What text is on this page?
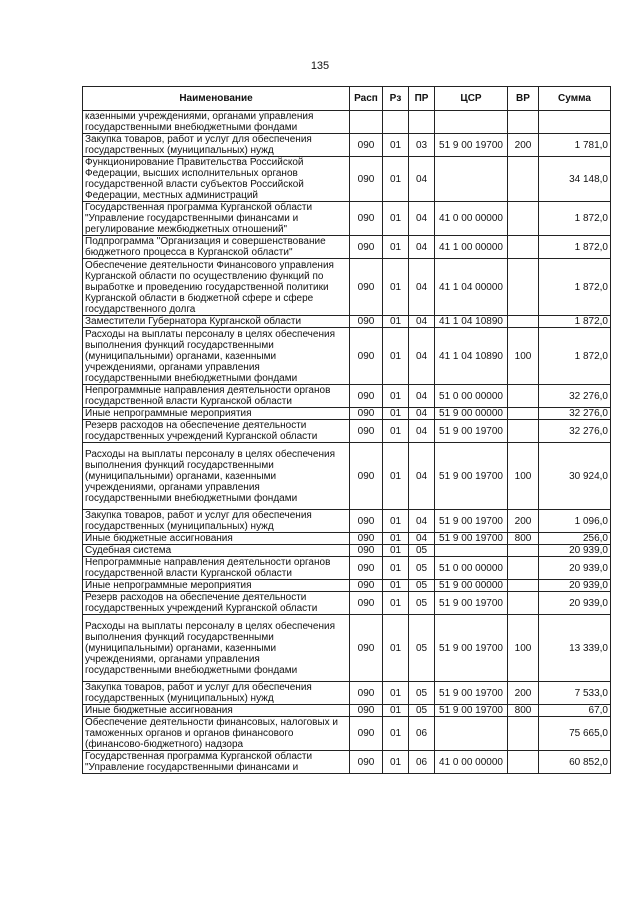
135
Наименование	Расп	Рз	ПР	ЦСР	ВР	Сумма
казенными учреждениями, органами управления государственными внебюджетными фондами						
Закупка товаров, работ и услуг для обеспечения государственных (муниципальных) нужд	090	01	03	51 9 00 19700	200	1 781,0
Функционирование Правительства Российской Федерации, высших исполнительных органов государственной власти субъектов Российской Федерации, местных администраций	090	01	04			34 148,0
Государственная программа Курганской области "Управление государственными финансами и регулирование межбюджетных отношений"	090	01	04	41 0 00 00000		1 872,0
Подпрограмма "Организация и совершенствование бюджетного процесса в Курганской области"	090	01	04	41 1 00 00000		1 872,0
Обеспечение деятельности Финансового управления Курганской области по осуществлению функций по выработке и проведению государственной политики Курганской области в бюджетной сфере и сфере государственного долга	090	01	04	41 1 04 00000		1 872,0
Заместители Губернатора Курганской области	090	01	04	41 1 04 10890		1 872,0
Расходы на выплаты персоналу в целях обеспечения выполнения функций государственными (муниципальными) органами, казенными учреждениями, органами управления государственными внебюджетными фондами	090	01	04	41 1 04 10890	100	1 872,0
Непрограммные направления деятельности органов государственной власти Курганской области	090	01	04	51 0 00 00000		32 276,0
Иные непрограммные мероприятия	090	01	04	51 9 00 00000		32 276,0
Резерв расходов на обеспечение деятельности государственных учреждений Курганской области	090	01	04	51 9 00 19700		32 276,0
Расходы на выплаты персоналу в целях обеспечения выполнения функций государственными (муниципальными) органами, казенными учреждениями, органами управления государственными внебюджетными фондами	090	01	04	51 9 00 19700	100	30 924,0
Закупка товаров, работ и услуг для обеспечения государственных (муниципальных) нужд	090	01	04	51 9 00 19700	200	1 096,0
Иные бюджетные ассигнования	090	01	04	51 9 00 19700	800	256,0
Судебная система	090	01	05			20 939,0
Непрограммные направления деятельности органов государственной власти Курганской области	090	01	05	51 0 00 00000		20 939,0
Иные непрограммные мероприятия	090	01	05	51 9 00 00000		20 939,0
Резерв расходов на обеспечение деятельности государственных учреждений Курганской области	090	01	05	51 9 00 19700		20 939,0
Расходы на выплаты персоналу в целях обеспечения выполнения функций государственными (муниципальными) органами, казенными учреждениями, органами управления государственными внебюджетными фондами	090	01	05	51 9 00 19700	100	13 339,0
Закупка товаров, работ и услуг для обеспечения государственных (муниципальных) нужд	090	01	05	51 9 00 19700	200	7 533,0
Иные бюджетные ассигнования	090	01	05	51 9 00 19700	800	67,0
Обеспечение деятельности финансовых, налоговых и таможенных органов и органов финансового (финансово-бюджетного) надзора	090	01	06			75 665,0
Государственная программа Курганской области "Управление государственными финансами и	090	01	06	41 0 00 00000		60 852,0
